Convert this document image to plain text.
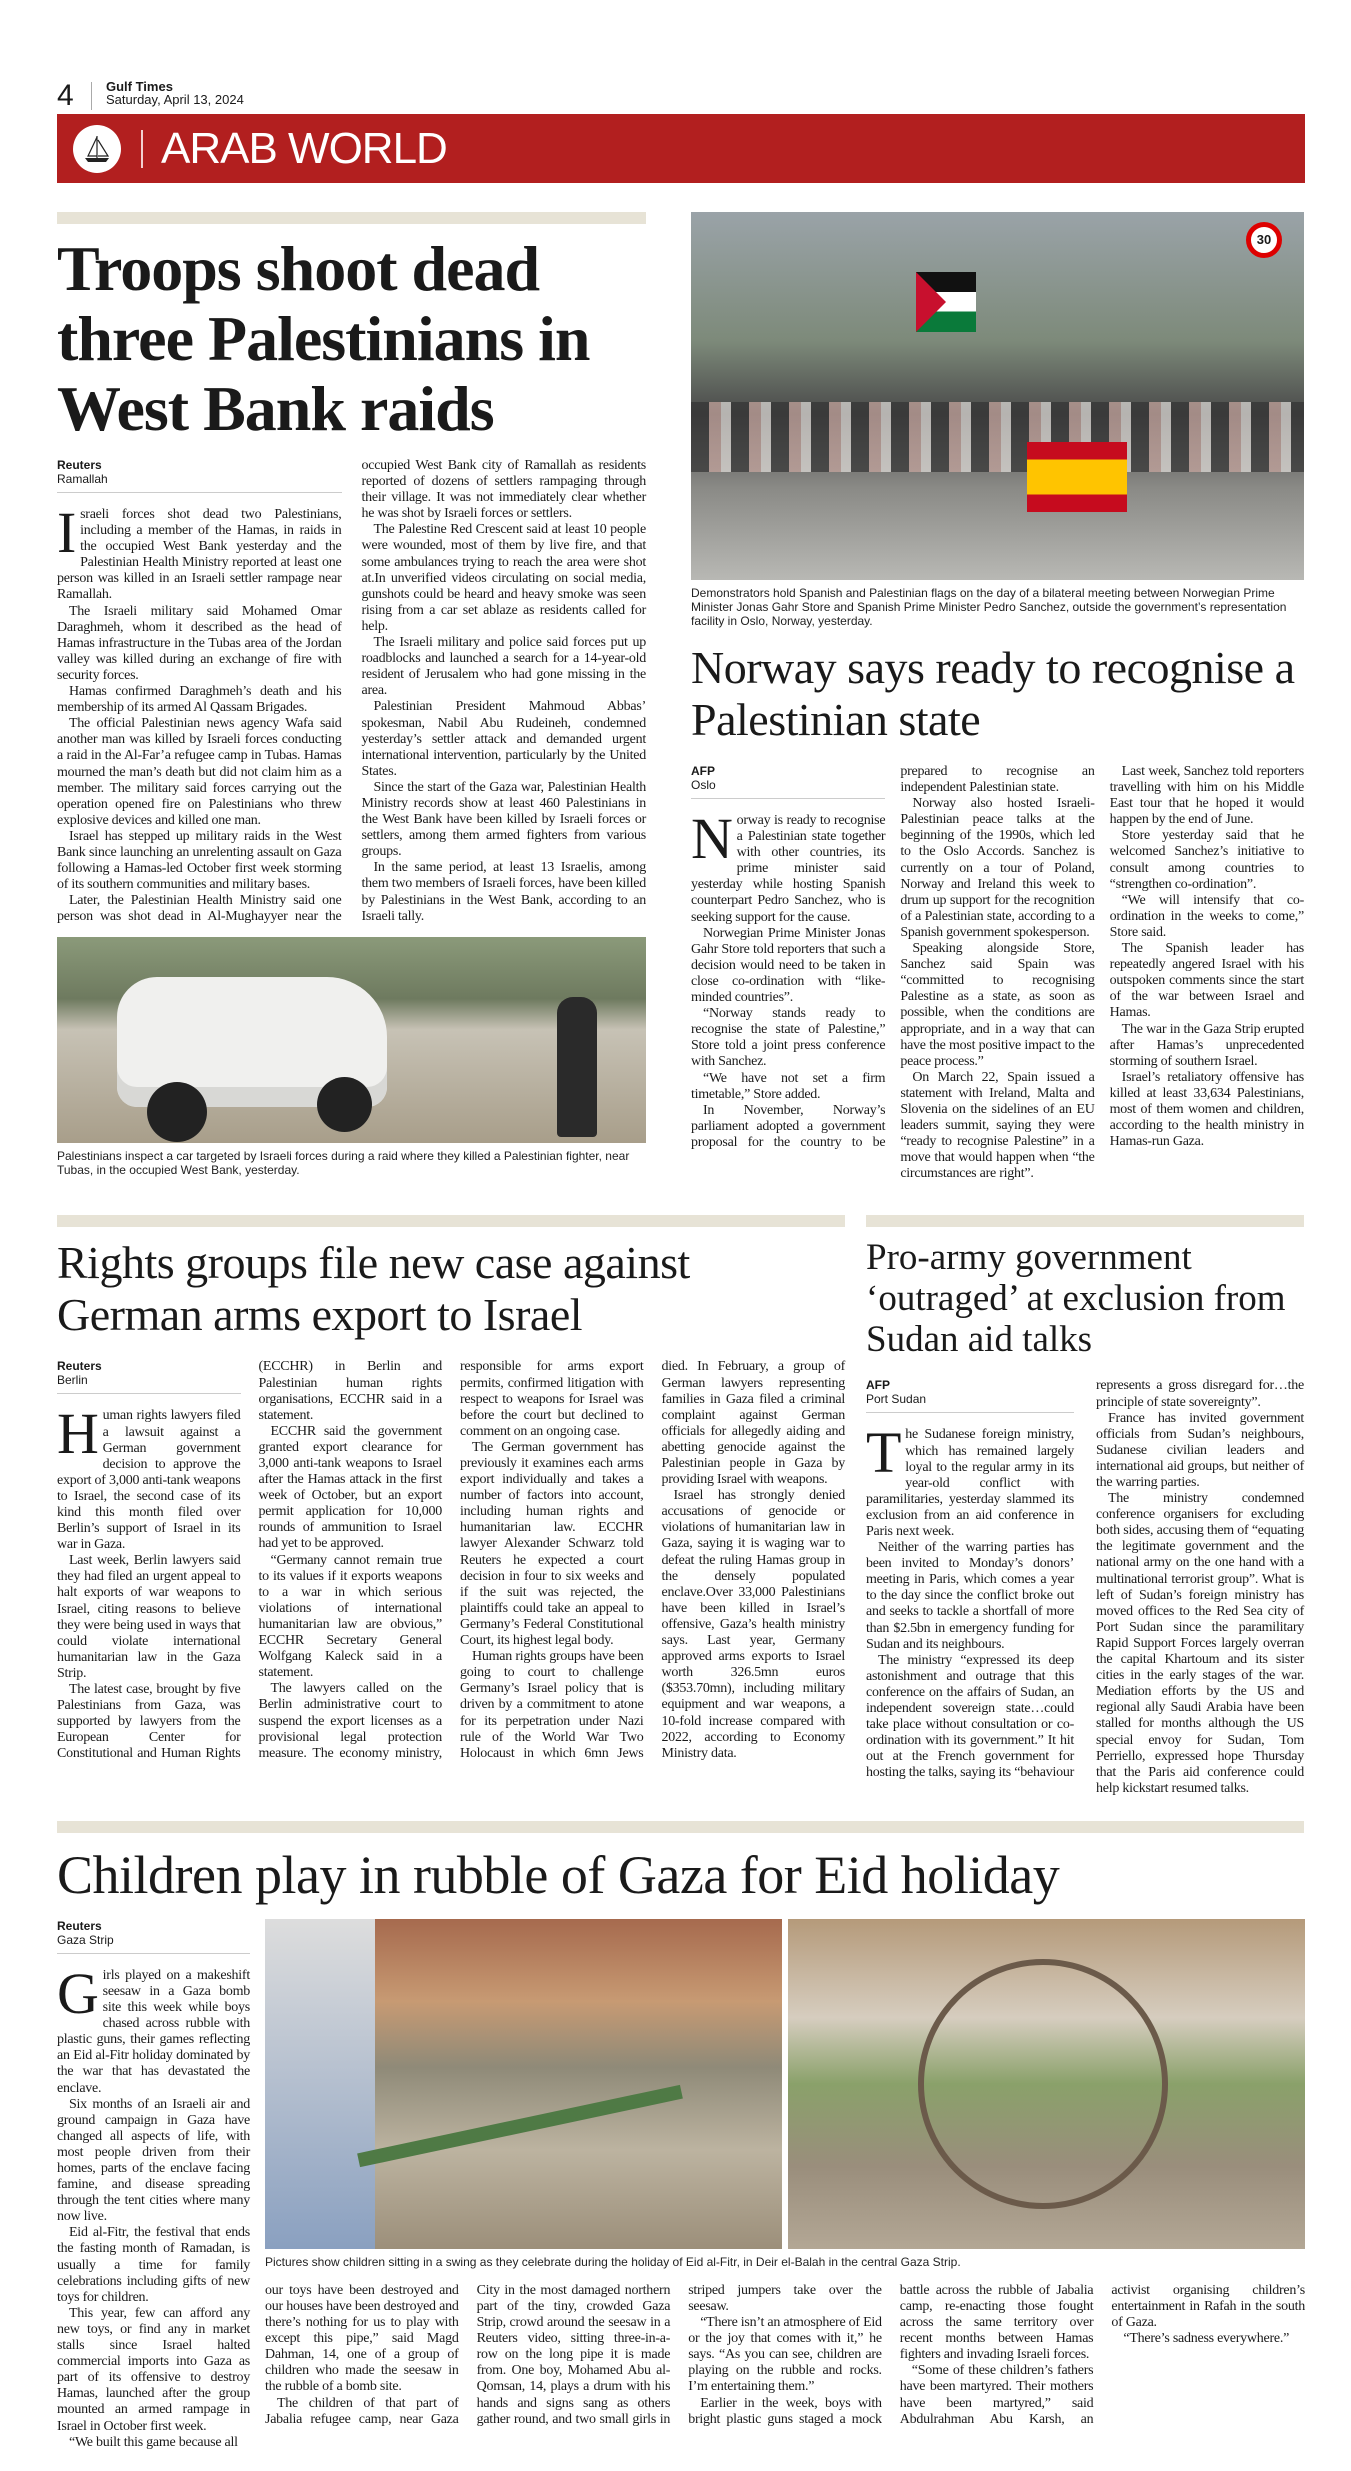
4	Gulf Times
Saturday, April 13, 2024
ARAB WORLD
Troops shoot dead three Palestinians in West Bank raids
Reuters
Ramallah

Israeli forces shot dead two Palestinians, including a member of the Hamas, in raids in the occupied West Bank yesterday and the Palestinian Health Ministry reported at least one person was killed in an Israeli settler rampage near Ramallah.

The Israeli military said Mohamed Omar Daraghmeh, whom it described as the head of Hamas infrastructure in the Tubas area of the Jordan valley was killed during an exchange of fire with security forces.

Hamas confirmed Daraghmeh’s death and his membership of its armed Al Qassam Brigades.

The official Palestinian news agency Wafa said another man was killed by Israeli forces conducting a raid in the Al-Far’a refugee camp in Tubas. Hamas mourned the man’s death but did not claim him as a member. The military said forces carrying out the operation opened fire on Palestinians who threw explosive devices and killed one man.

Israel has stepped up military raids in the West Bank since launching an unrelenting assault on Gaza following a Hamas-led October first week storming of its southern communities and military bases.

Later, the Palestinian Health Ministry said one person was shot dead in Al-Mughayyer near the occupied West Bank city of Ramallah as residents reported of dozens of settlers rampaging through their village. It was not immediately clear whether he was shot by Israeli forces or settlers.

The Palestine Red Crescent said at least 10 people were wounded, most of them by live fire, and that some ambulances trying to reach the area were shot at.In unverified videos circulating on social media, gunshots could be heard and heavy smoke was seen rising from a car set ablaze as residents called for help.

The Israeli military and police said forces put up roadblocks and launched a search for a 14-year-old resident of Jerusalem who had gone missing in the area.

Palestinian President Mahmoud Abbas’ spokesman, Nabil Abu Rudeineh, condemned yesterday’s settler attack and demanded urgent international intervention, particularly by the United States.

Since the start of the Gaza war, Palestinian Health Ministry records show at least 460 Palestinians in the West Bank have been killed by Israeli forces or settlers, among them armed fighters from various groups.

In the same period, at least 13 Israelis, among them two members of Israeli forces, have been killed by Palestinians in the West Bank, according to an Israeli tally.

Palestinians inspect a car targeted by Israeli forces during a raid where they killed a Palestinian fighter, near Tubas, in the occupied West Bank, yesterday.
30
Demonstrators hold Spanish and Palestinian flags on the day of a bilateral meeting between Norwegian Prime Minister Jonas Gahr Store and Spanish Prime Minister Pedro Sanchez, outside the government’s representation facility in Oslo, Norway, yesterday.
Norway says ready to recognise a Palestinian state
AFP
Oslo

Norway is ready to recognise a Palestinian state together with other countries, its prime minister said yesterday while hosting Spanish counterpart Pedro Sanchez, who is seeking support for the cause.

Norwegian Prime Minister Jonas Gahr Store told reporters that such a decision would need to be taken in close co-ordination with “like-minded countries”.

“Norway stands ready to recognise the state of Palestine,” Store told a joint press conference with Sanchez.

“We have not set a firm timetable,” Store added.

In November, Norway’s parliament adopted a government proposal for the country to be prepared to recognise an independent Palestinian state.

Norway also hosted Israeli-Palestinian peace talks at the beginning of the 1990s, which led to the Oslo Accords. Sanchez is currently on a tour of Poland, Norway and Ireland this week to drum up support for the recognition of a Palestinian state, according to a Spanish government spokesperson.

Speaking alongside Store, Sanchez said Spain was “committed to recognising Palestine as a state, as soon as possible, when the conditions are appropriate, and in a way that can have the most positive impact to the peace process.”

On March 22, Spain issued a statement with Ireland, Malta and Slovenia on the sidelines of an EU leaders summit, saying they were “ready to recognise Palestine” in a move that would happen when “the circumstances are right”.

Last week, Sanchez told reporters travelling with him on his Middle East tour that he hoped it would happen by the end of June.

Store yesterday said that he welcomed Sanchez’s initiative to consult among countries to “strengthen co-ordination”.

“We will intensify that co-ordination in the weeks to come,” Store said.

The Spanish leader has repeatedly angered Israel with his outspoken comments since the start of the war between Israel and Hamas.

The war in the Gaza Strip erupted after Hamas’s unprecedented storming of southern Israel.

Israel’s retaliatory offensive has killed at least 33,634 Palestinians, most of them women and children, according to the health ministry in Hamas-run Gaza.

Rights groups file new case against German arms export to Israel
Reuters
Berlin

Human rights lawyers filed a lawsuit against a German government decision to approve the export of 3,000 anti-tank weapons to Israel, the second case of its kind this month filed over Berlin’s support of Israel in its war in Gaza.

Last week, Berlin lawyers said they had filed an urgent appeal to halt exports of war weapons to Israel, citing reasons to believe they were being used in ways that could violate international humanitarian law in the Gaza Strip.

The latest case, brought by five Palestinians from Gaza, was supported by lawyers from the European Center for Constitutional and Human Rights (ECCHR) in Berlin and Palestinian human rights organisations, ECCHR said in a statement.

ECCHR said the government granted export clearance for 3,000 anti-tank weapons to Israel after the Hamas attack in the first week of October, but an export permit application for 10,000 rounds of ammunition to Israel had yet to be approved.

“Germany cannot remain true to its values if it exports weapons to a war in which serious violations of international humanitarian law are obvious,” ECCHR Secretary General Wolfgang Kaleck said in a statement.

The lawyers called on the Berlin administrative court to suspend the export licenses as a provisional legal protection measure. The economy ministry, responsible for arms export permits, confirmed litigation with respect to weapons for Israel was before the court but declined to comment on an ongoing case.

The German government has previously it examines each arms export individually and takes a number of factors into account, including human rights and humanitarian law. ECCHR lawyer Alexander Schwarz told Reuters he expected a court decision in four to six weeks and if the suit was rejected, the plaintiffs could take an appeal to Germany’s Federal Constitutional Court, its highest legal body.

Human rights groups have been going to court to challenge Germany’s Israel policy that is driven by a commitment to atone for its perpetration under Nazi rule of the World War Two Holocaust in which 6mn Jews died. In February, a group of German lawyers representing families in Gaza filed a criminal complaint against German officials for allegedly aiding and abetting genocide against the Palestinian people in Gaza by providing Israel with weapons.

Israel has strongly denied accusations of genocide or violations of humanitarian law in Gaza, saying it is waging war to defeat the ruling Hamas group in the densely populated enclave.Over 33,000 Palestinians have been killed in Israel’s offensive, Gaza’s health ministry says. Last year, Germany approved arms exports to Israel worth 326.5mn euros ($353.70mn), including military equipment and war weapons, a 10-fold increase compared with 2022, according to Economy Ministry data.

Pro-army government ‘outraged’ at exclusion from Sudan aid talks
AFP
Port Sudan

The Sudanese foreign ministry, which has remained largely loyal to the regular army in its year-old conflict with paramilitaries, yesterday slammed its exclusion from an aid conference in Paris next week.

Neither of the warring parties has been invited to Monday’s donors’ meeting in Paris, which comes a year to the day since the conflict broke out and seeks to tackle a shortfall of more than $2.5bn in emergency funding for Sudan and its neighbours.

The ministry “expressed its deep astonishment and outrage that this conference on the affairs of Sudan, an independent sovereign state…could take place without consultation or co-ordination with its government.” It hit out at the French government for hosting the talks, saying its “behaviour represents a gross disregard for…the principle of state sovereignty”.

France has invited government officials from Sudan’s neighbours, Sudanese civilian leaders and international aid groups, but neither of the warring parties.

The ministry condemned conference organisers for excluding both sides, accusing them of “equating the legitimate government and the national army on the one hand with a multinational terrorist group”. What is left of Sudan’s foreign ministry has moved offices to the Red Sea city of Port Sudan since the paramilitary Rapid Support Forces largely overran the capital Khartoum and its sister cities in the early stages of the war. Mediation efforts by the US and regional ally Saudi Arabia have been stalled for months although the US special envoy for Sudan, Tom Perriello, expressed hope Thursday that the Paris aid conference could help kickstart resumed talks.

Children play in rubble of Gaza for Eid holiday
Reuters
Gaza Strip

Girls played on a makeshift seesaw in a Gaza bomb site this week while boys chased across rubble with plastic guns, their games reflecting an Eid al-Fitr holiday dominated by the war that has devastated the enclave.

Six months of an Israeli air and ground campaign in Gaza have changed all aspects of life, with most people driven from their homes, parts of the enclave facing famine, and disease spreading through the tent cities where many now live.

Eid al-Fitr, the festival that ends the fasting month of Ramadan, is usually a time for family celebrations including gifts of new toys for children.

This year, few can afford any new toys, or find any in market stalls since Israel halted commercial imports into Gaza as part of its offensive to destroy Hamas, launched after the group mounted an armed rampage in Israel in October first week.

“We built this game because all

Pictures show children sitting in a swing as they celebrate during the holiday of Eid al-Fitr, in Deir el-Balah in the central Gaza Strip.

our toys have been destroyed and our houses have been destroyed and there’s nothing for us to play with except this pipe,” said Magd Dahman, 14, one of a group of children who made the seesaw in the rubble of a bomb site.

The children of that part of Jabalia refugee camp, near Gaza City in the most damaged northern part of the tiny, crowded Gaza Strip, crowd around the seesaw in a Reuters video, sitting three-in-a-row on the long pipe it is made from. One boy, Mohamed Abu al-Qomsan, 14, plays a drum with his hands and signs sang as others gather round, and two small girls in striped jumpers take over the seesaw.

“There isn’t an atmosphere of Eid or the joy that comes with it,” he says. “As you can see, children are playing on the rubble and rocks. I’m entertaining them.”

Earlier in the week, boys with bright plastic guns staged a mock battle across the rubble of Jabalia camp, re-enacting those fought across the same territory over recent months between Hamas fighters and invading Israeli forces.

“Some of these children’s fathers have been martyred. Their mothers have been martyred,” said Abdulrahman Abu Karsh, an activist organising children’s entertainment in Rafah in the south of Gaza.

“There’s sadness everywhere.”
